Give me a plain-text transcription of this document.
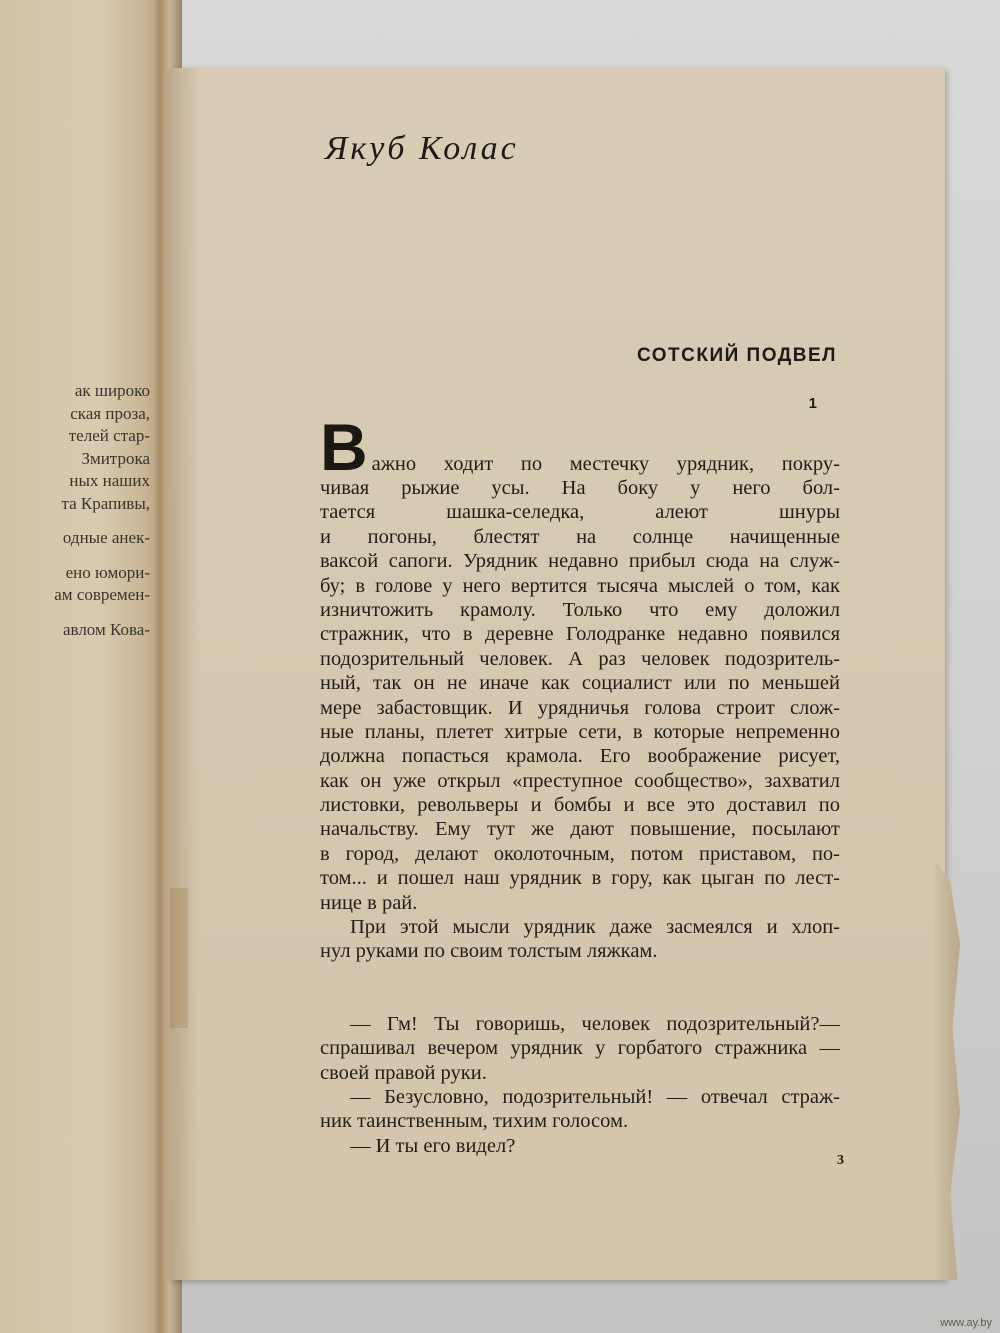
ак широко
ская проза,
телей стар-
Змитрока
ных наших
та Крапивы,
одные анек-
ено юмори-
ам современ-
авлом Кова-
Якуб Колас
СОТСКИЙ ПОДВЕЛ
1
В ажно ходит по местечку урядник, покру-
чивая рыжие усы. На боку у него бол-
тается шашка-селедка, алеют шнуры
и погоны, блестят на солнце начищенные
ваксой сапоги. Урядник недавно прибыл сюда на служ-
бу; в голове у него вертится тысяча мыслей о том, как
изничтожить крамолу. Только что ему доложил
стражник, что в деревне Голодранке недавно появился
подозрительный человек. А раз человек подозритель-
ный, так он не иначе как социалист или по меньшей
мере забастовщик. И урядничья голова строит слож-
ные планы, плетет хитрые сети, в которые непременно
должна попасться крамола. Его воображение рисует,
как он уже открыл «преступное сообщество», захватил
листовки, револьверы и бомбы и все это доставил по
начальству. Ему тут же дают повышение, посылают
в город, делают околоточным, потом приставом, по-
том... и пошел наш урядник в гору, как цыган по лест-
нице в рай.
При этой мысли урядник даже засмеялся и хлоп-
нул руками по своим толстым ляжкам.
— Гм! Ты говоришь, человек подозрительный?—
спрашивал вечером урядник у горбатого стражника —
своей правой руки.
— Безусловно, подозрительный! — отвечал страж-
ник таинственным, тихим голосом.
— И ты его видел?
3
www.ay.by
